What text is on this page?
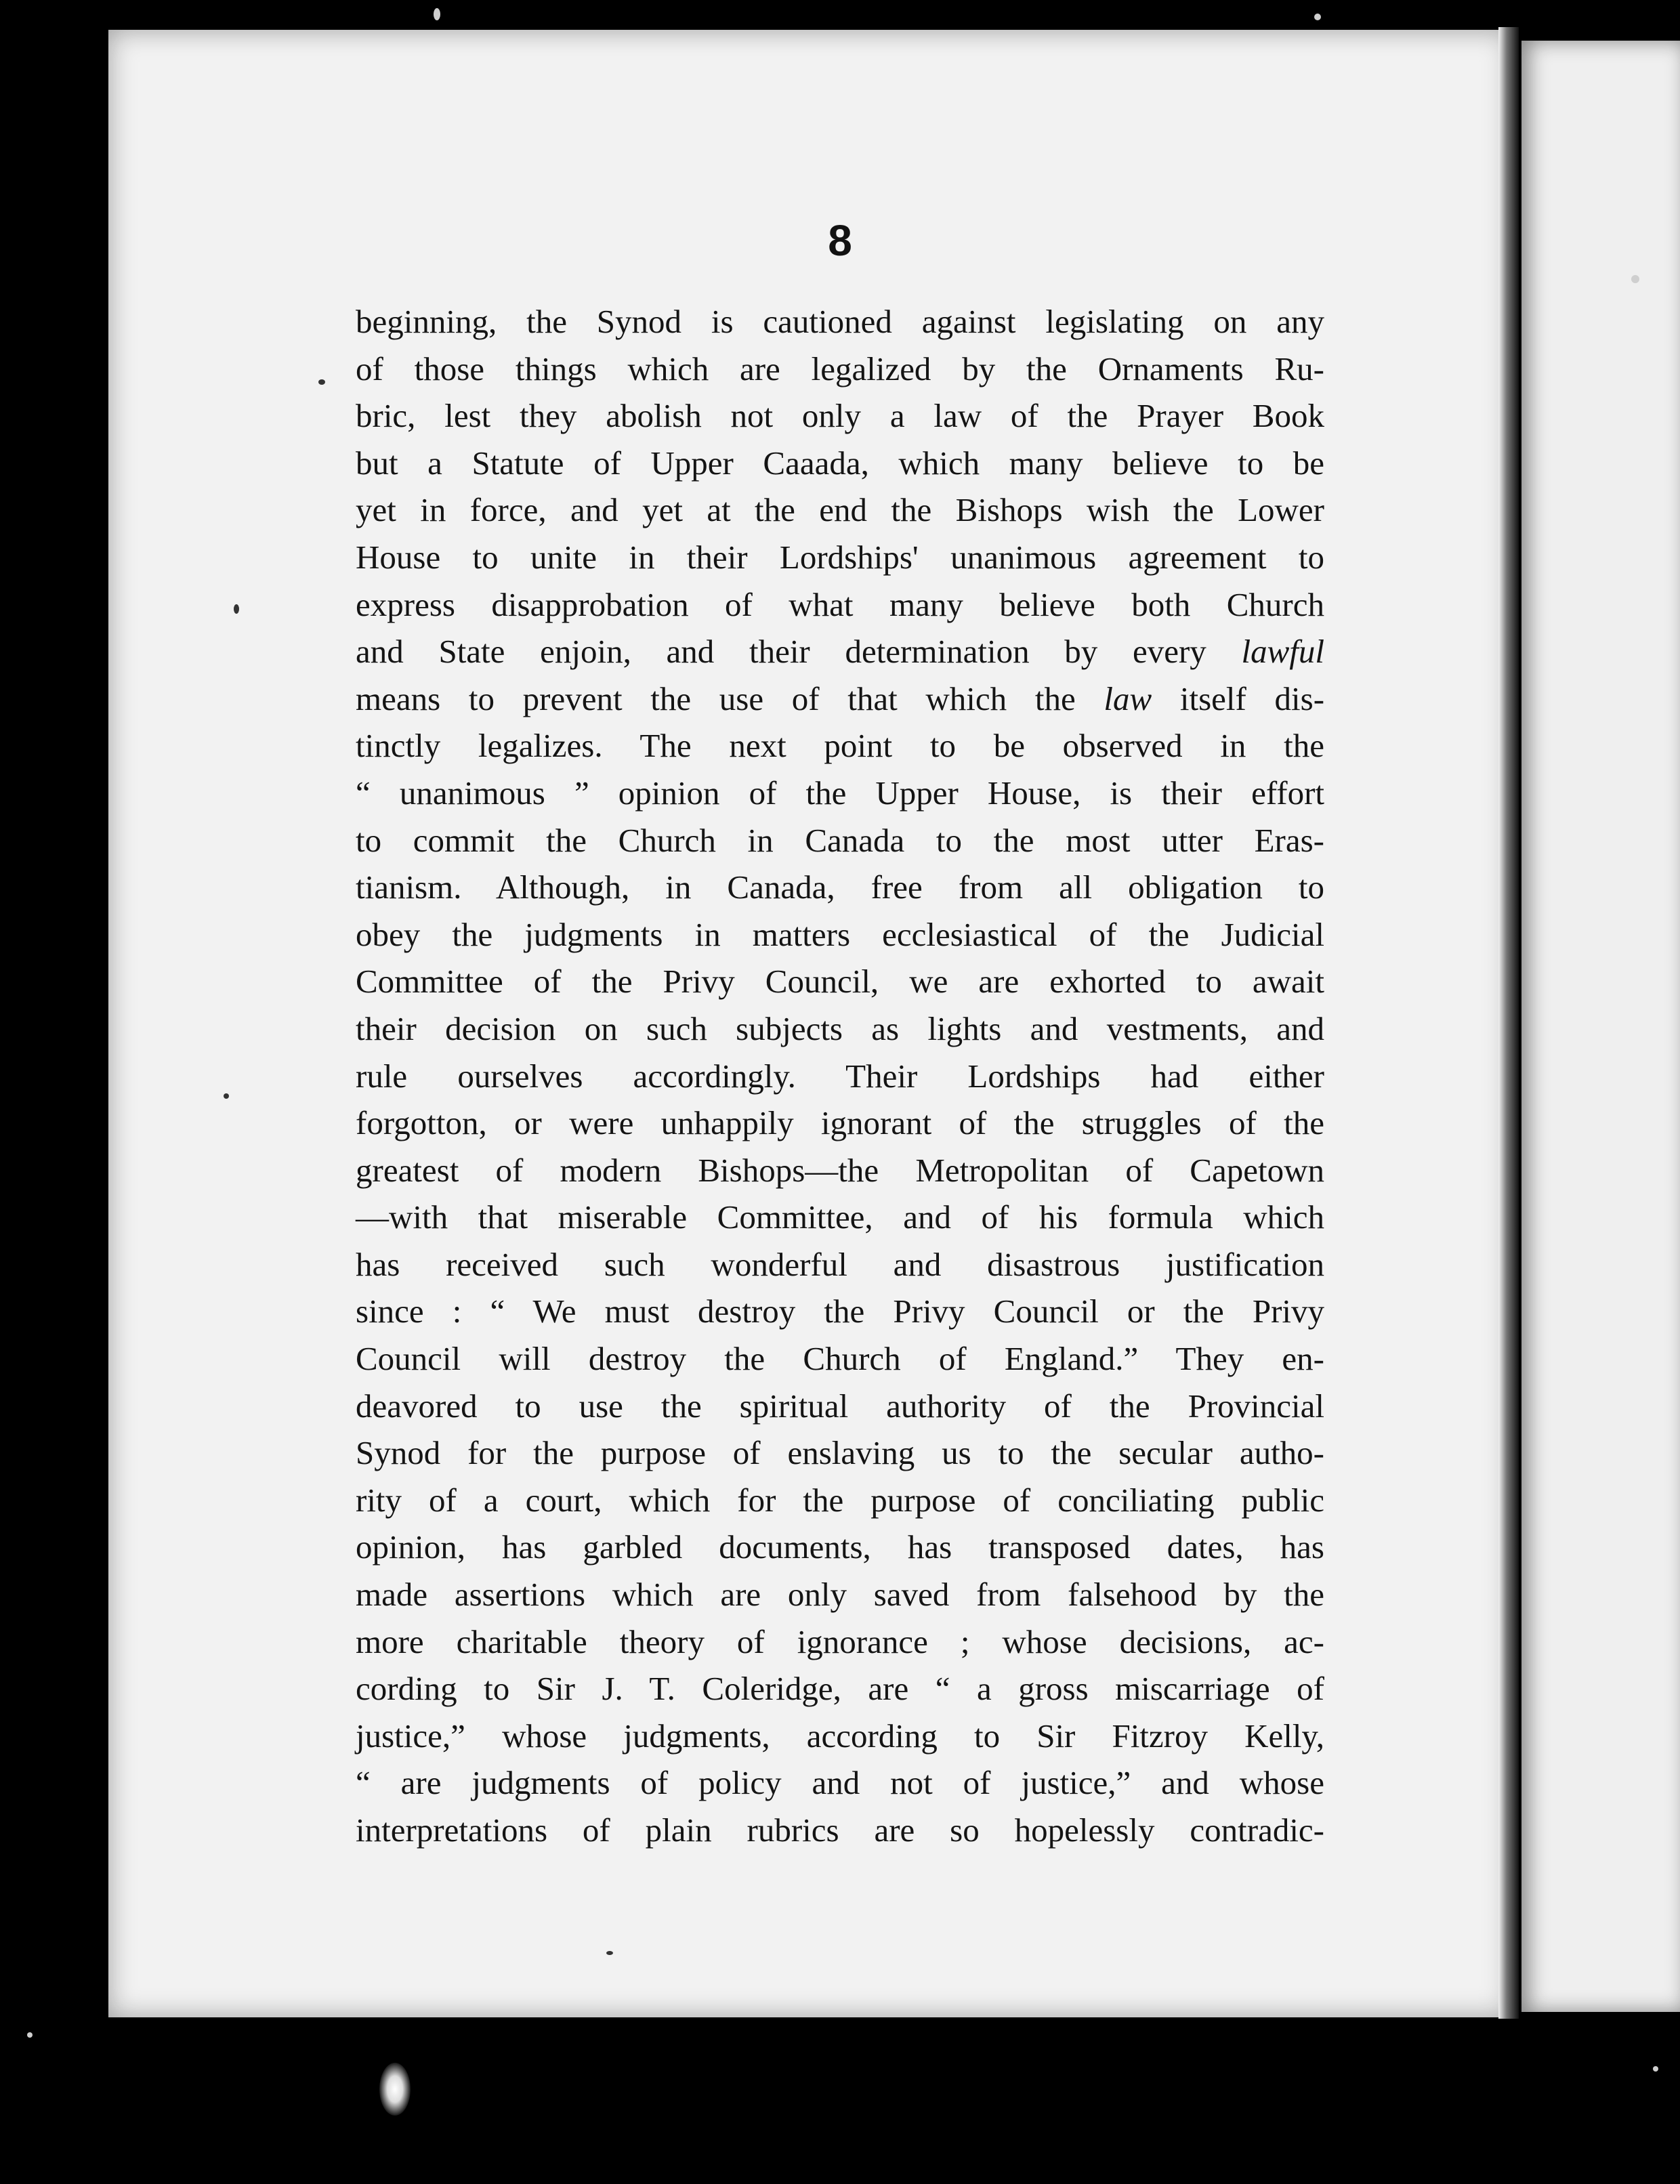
8
beginning, the Synod is cautioned against legislating on any
of those things which are legalized by the Ornaments Ru-
bric, lest they abolish not only a law of the Prayer Book
but a Statute of Upper Caaada, which many believe to be
yet in force, and yet at the end the Bishops wish the Lower
House to unite in their Lordships' unanimous agreement to
express disapprobation of what many believe both Church
and State enjoin, and their determination by every lawful
means to prevent the use of that which the law itself dis-
tinctly legalizes. The next point to be observed in the
“ unanimous ” opinion of the Upper House, is their effort
to commit the Church in Canada to the most utter Eras-
tianism. Although, in Canada, free from all obligation to
obey the judgments in matters ecclesiastical of the Judicial
Committee of the Privy Council, we are exhorted to await
their decision on such subjects as lights and vestments, and
rule ourselves accordingly. Their Lordships had either
forgotton, or were unhappily ignorant of the struggles of the
greatest of modern Bishops—the Metropolitan of Capetown
—with that miserable Committee, and of his formula which
has received such wonderful and disastrous justification
since : “ We must destroy the Privy Council or the Privy
Council will destroy the Church of England.” They en-
deavored to use the spiritual authority of the Provincial
Synod for the purpose of enslaving us to the secular autho-
rity of a court, which for the purpose of conciliating public
opinion, has garbled documents, has transposed dates, has
made assertions which are only saved from falsehood by the
more charitable theory of ignorance ; whose decisions, ac-
cording to Sir J. T. Coleridge, are “ a gross miscarriage of
justice,” whose judgments, according to Sir Fitzroy Kelly,
“ are judgments of policy and not of justice,” and whose
interpretations of plain rubrics are so hopelessly contradic-
